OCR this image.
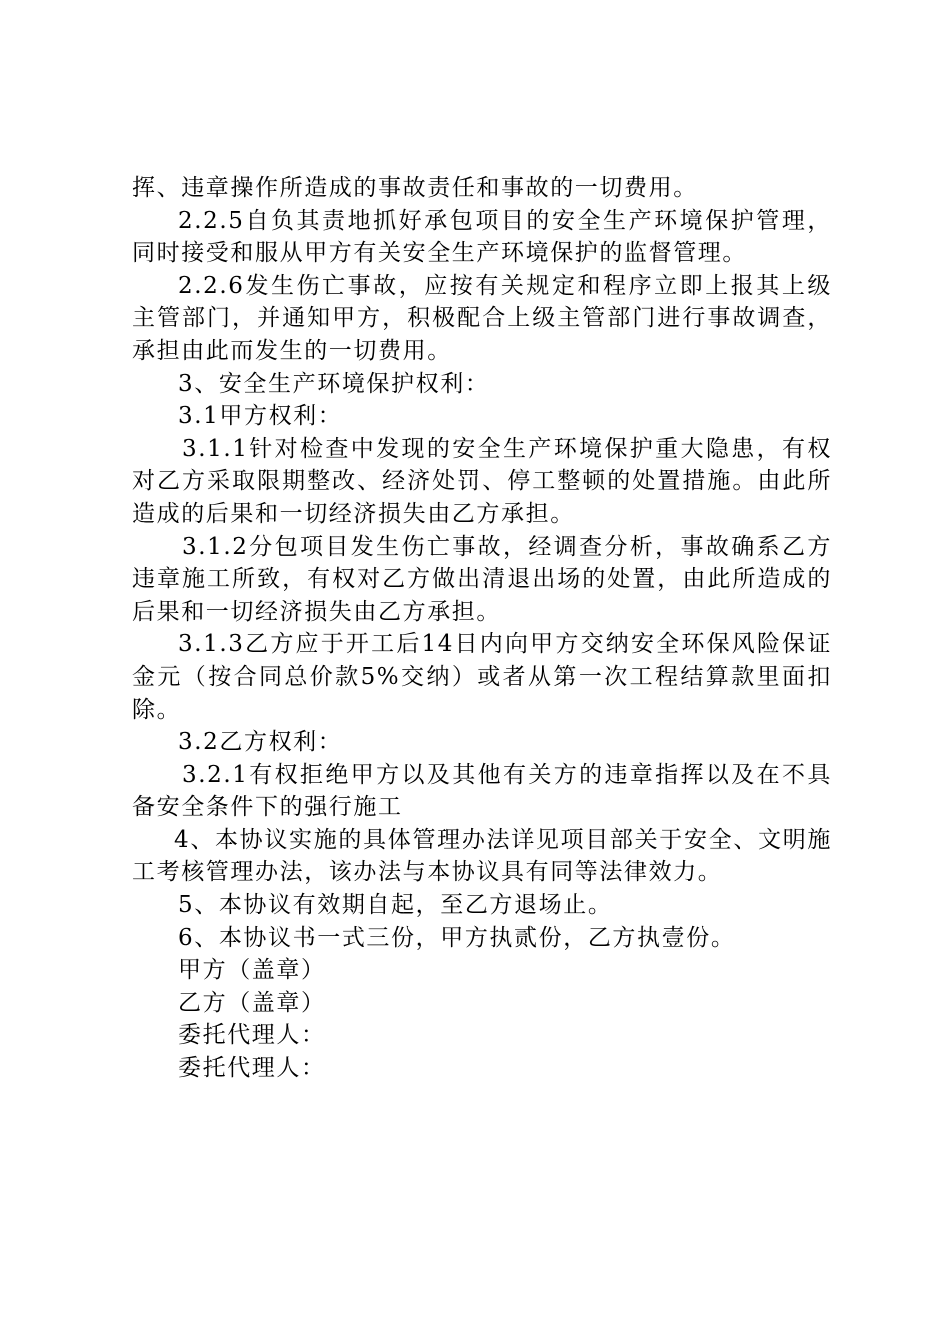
挥、违章操作所造成的事故责任和事故的一切费用。

2.2.5自负其责地抓好承包项目的安全生产环境保护管理，同时接受和服从甲方有关安全生产环境保护的监督管理。

2.2.6发生伤亡事故，应按有关规定和程序立即上报其上级主管部门，并通知甲方，积极配合上级主管部门进行事故调查，承担由此而发生的一切费用。

3、安全生产环境保护权利：

3.1甲方权利：

3.1.1针对检查中发现的安全生产环境保护重大隐患，有权对乙方采取限期整改、经济处罚、停工整顿的处置措施。由此所造成的后果和一切经济损失由乙方承担。

3.1.2分包项目发生伤亡事故，经调查分析，事故确系乙方违章施工所致，有权对乙方做出清退出场的处置，由此所造成的后果和一切经济损失由乙方承担。

3.1.3乙方应于开工后14日内向甲方交纳安全环保风险保证金元（按合同总价款5%交纳）或者从第一次工程结算款里面扣除。

3.2乙方权利：

3.2.1有权拒绝甲方以及其他有关方的违章指挥以及在不具备安全条件下的强行施工

4、本协议实施的具体管理办法详见项目部关于安全、文明施工考核管理办法，该办法与本协议具有同等法律效力。

5、本协议有效期自起，至乙方退场止。

6、本协议书一式三份，甲方执贰份，乙方执壹份。

甲方（盖章）

乙方（盖章）

委托代理人：

委托代理人：
